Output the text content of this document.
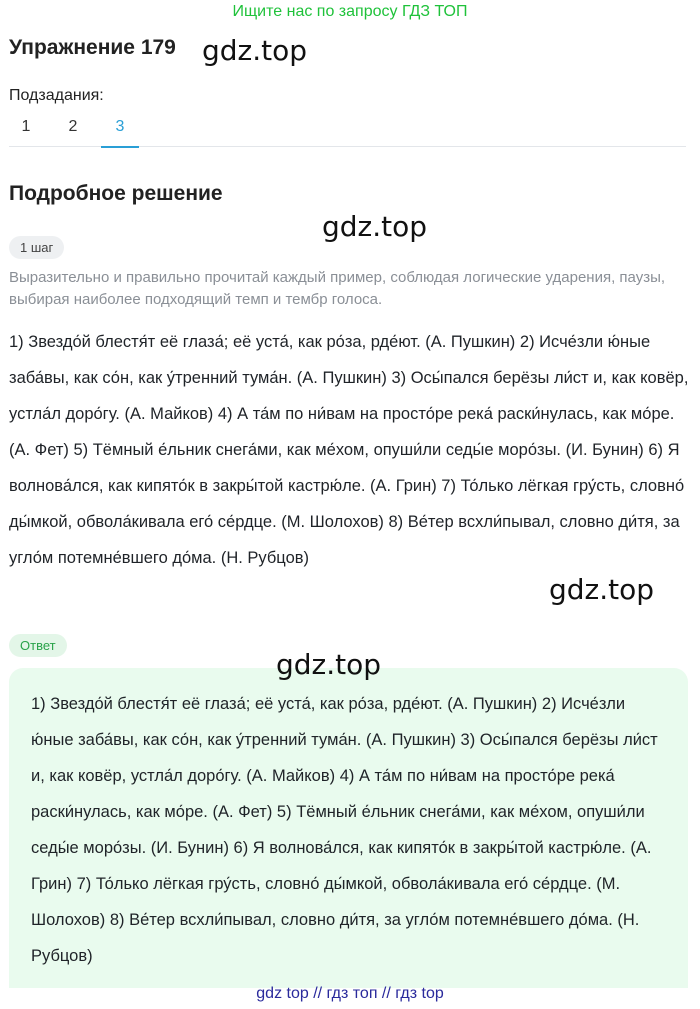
Ищите нас по запросу ГДЗ ТОП
Упражнение 179 gdz.top
Подзадания:
1	2	3
Подробное решение
gdz.top
1 шаг
Выразительно и правильно прочитай каждый пример, соблюдая логические ударения, паузы, выбирая наиболее подходящий темп и тембр голоса.

1) Звездо́й блестя́т её глаза́; её уста́, как ро́за, рде́ют. (А. Пушкин) 2) Исче́зли ю́ные заба́вы, как со́н, как у́тренний тума́н. (А. Пушкин) 3) Осы́пался берёзы ли́ст и, как ковёр, устла́л доро́гу. (А. Майков) 4) А та́м по ни́вам на просто́ре река́ раски́нулась, как мо́ре. (А. Фет) 5) Тёмный е́льник снега́ми, как ме́хом, опуши́ли седы́е моро́зы. (И. Бунин) 6) Я волнова́лся, как кипято́к в закры́той кастрю́ле. (А. Грин) 7) То́лько лёгкая гру́сть, словно́ ды́мкой, обвола́кивала его́ се́рдце. (М. Шолохов) 8) Ве́тер всхли́пывал, словно ди́тя, за угло́м потемне́вшего до́ма. (Н. Рубцов)

gdz.top
Ответ
gdz.top

1) Звездо́й блестя́т её глаза́; её уста́, как ро́за, рде́ют. (А. Пушкин) 2) Исче́зли ю́ные заба́вы, как со́н, как у́тренний тума́н. (А. Пушкин) 3) Осы́пался берёзы ли́ст и, как ковёр, устла́л доро́гу. (А. Майков) 4) А та́м по ни́вам на просто́ре река́ раски́нулась, как мо́ре. (А. Фет) 5) Тёмный е́льник снега́ми, как ме́хом, опуши́ли седы́е моро́зы. (И. Бунин) 6) Я волнова́лся, как кипято́к в закры́той кастрю́ле. (А. Грин) 7) То́лько лёгкая гру́сть, словно́ ды́мкой, обвола́кивала его́ се́рдце. (М. Шолохов) 8) Ве́тер всхли́пывал, словно ди́тя, за угло́м потемне́вшего до́ма. (Н. Рубцов)

gdz top // гдз топ // гдз top
